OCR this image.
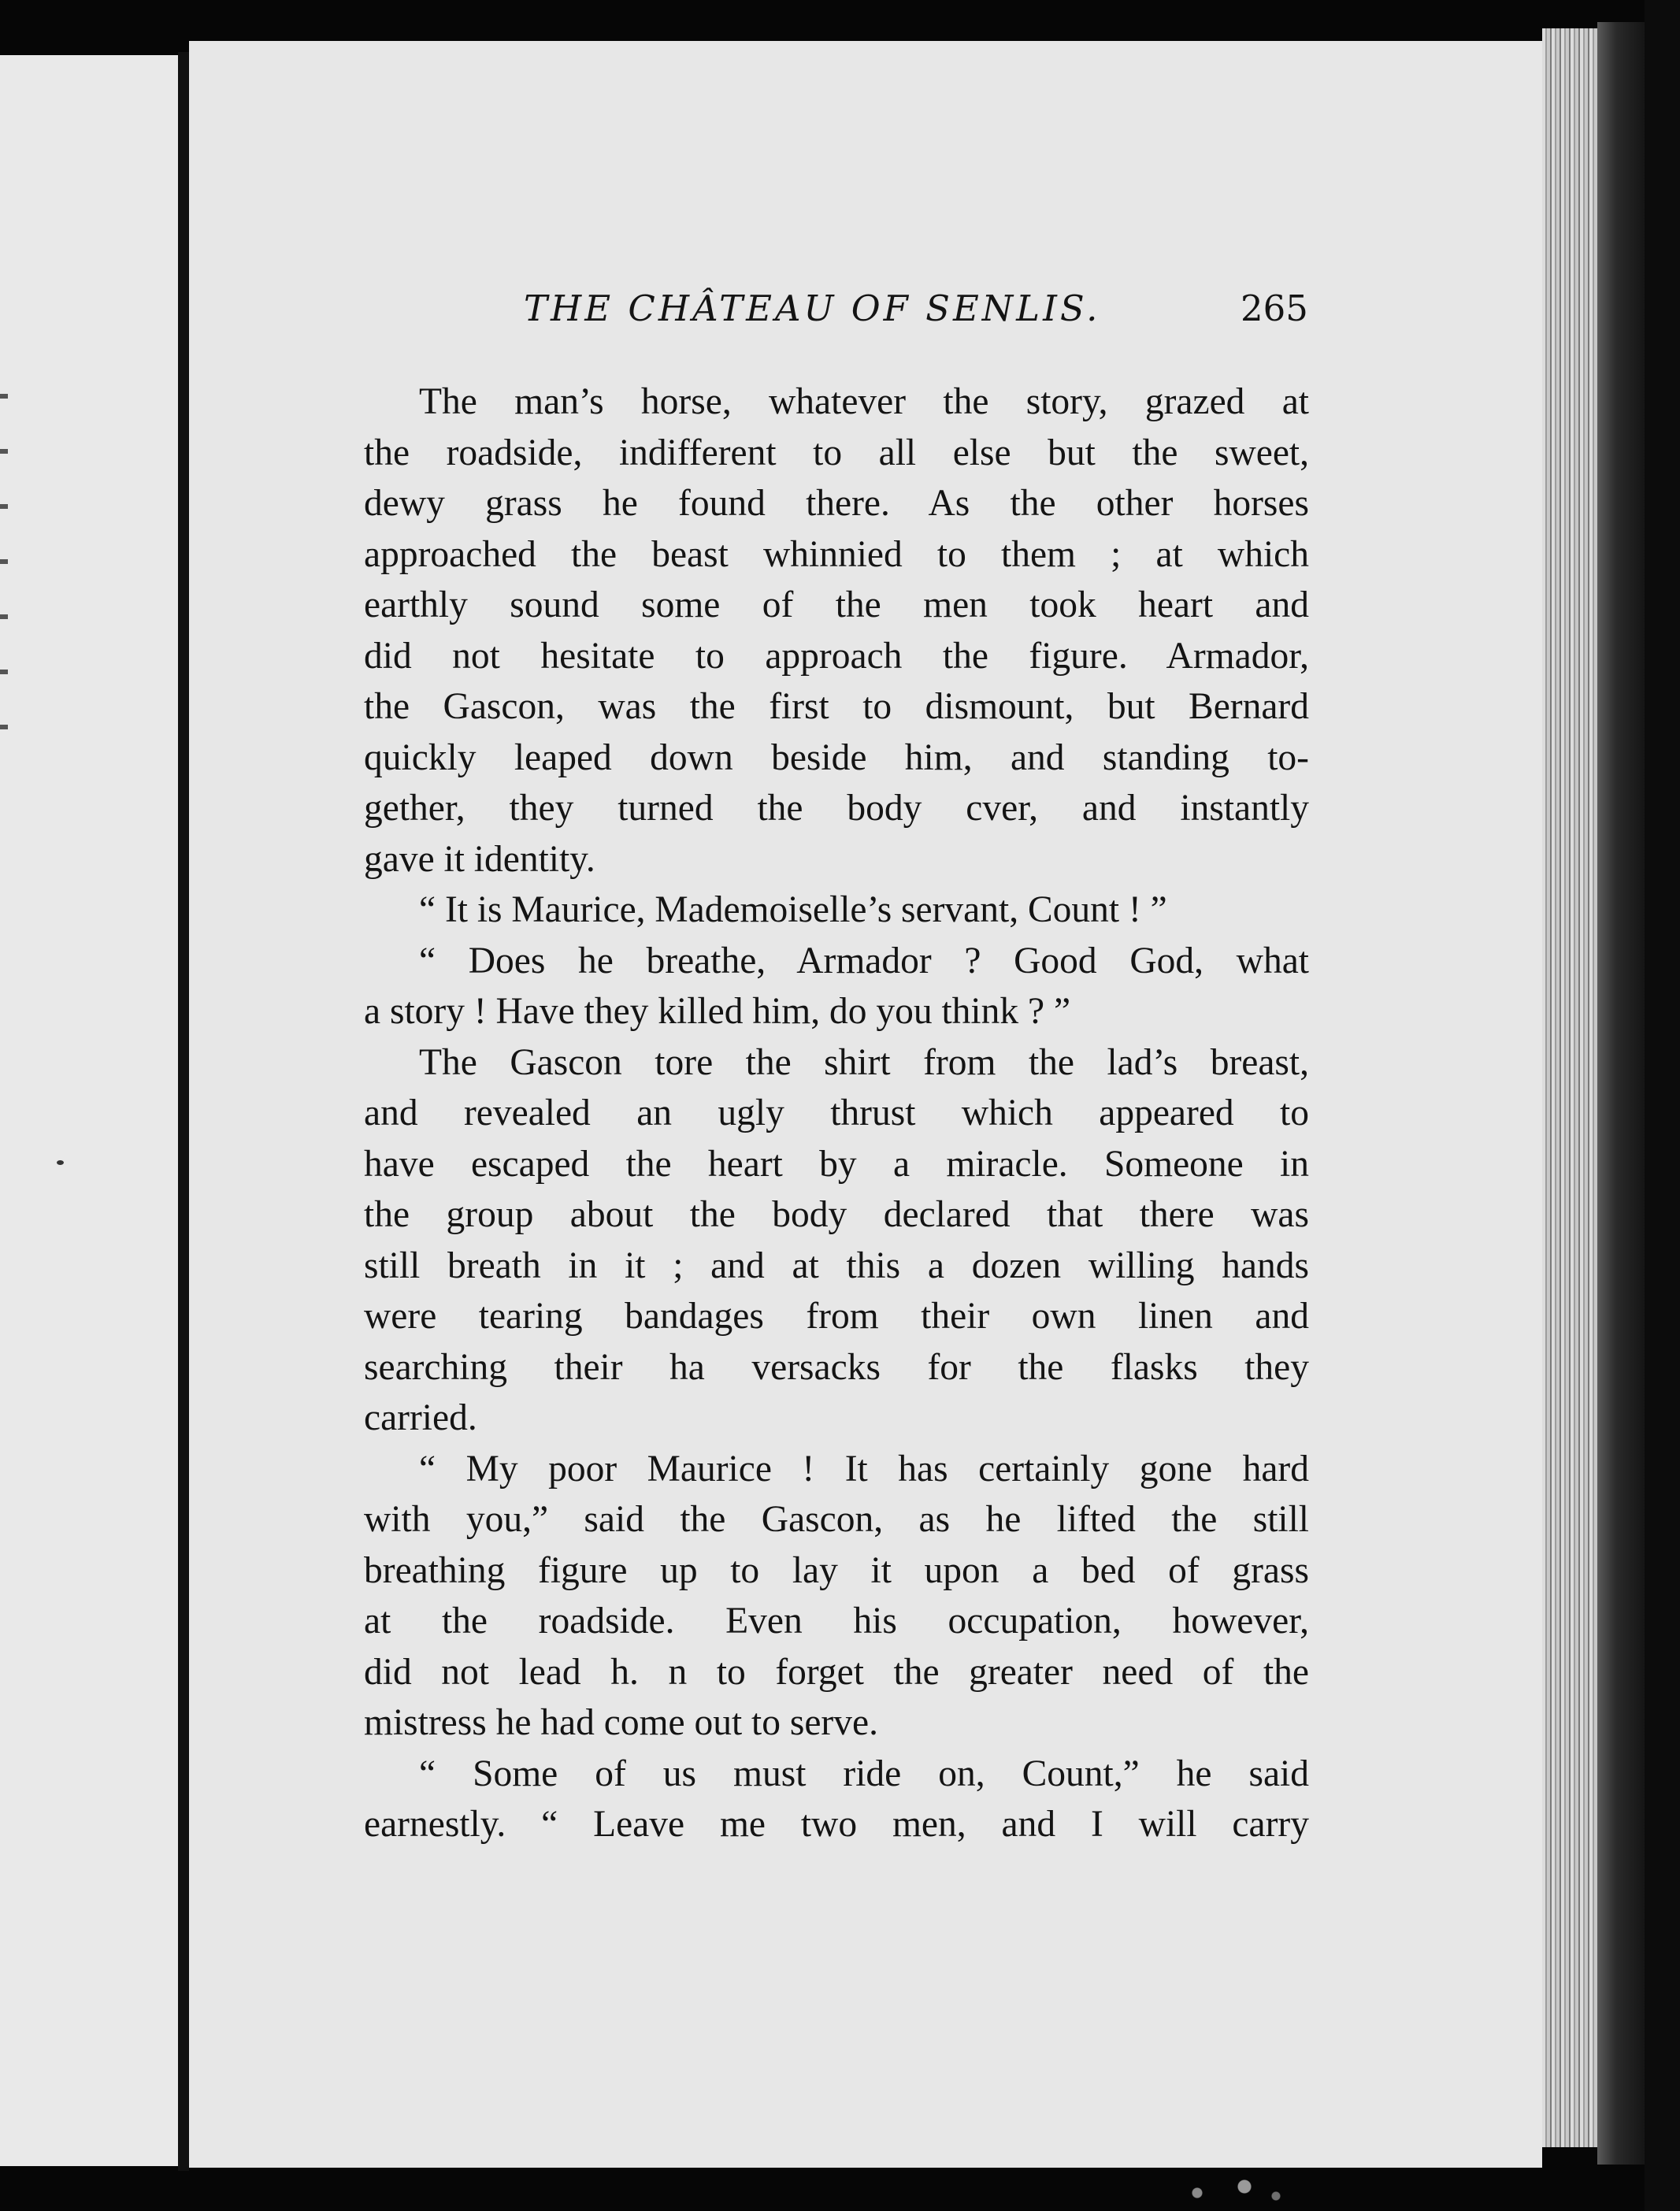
THE CHÂTEAU OF SENLIS.	265
The man’s horse, whatever the story, grazed at
the roadside, indifferent to all else but the sweet,
dewy grass he found there. As the other horses
approached the beast whinnied to them ; at which
earthly sound some of the men took heart and
did not hesitate to approach the figure. Armador,
the Gascon, was the first to dismount, but Bernard
quickly leaped down beside him, and standing to-
gether, they turned the body cver, and instantly
gave it identity.
“ It is Maurice, Mademoiselle’s servant, Count ! ”
“ Does he breathe, Armador ? Good God, what
a story ! Have they killed him, do you think ? ”
The Gascon tore the shirt from the lad’s breast,
and revealed an ugly thrust which appeared to
have escaped the heart by a miracle. Someone in
the group about the body declared that there was
still breath in it ; and at this a dozen willing hands
were tearing bandages from their own linen and
searching their ha versacks for the flasks they
carried.
“ My poor Maurice ! It has certainly gone hard
with you,” said the Gascon, as he lifted the still
breathing figure up to lay it upon a bed of grass
at the roadside. Even his occupation, however,
did not lead h. n to forget the greater need of the
mistress he had come out to serve.
“ Some of us must ride on, Count,” he said
earnestly. “ Leave me two men, and I will carry
